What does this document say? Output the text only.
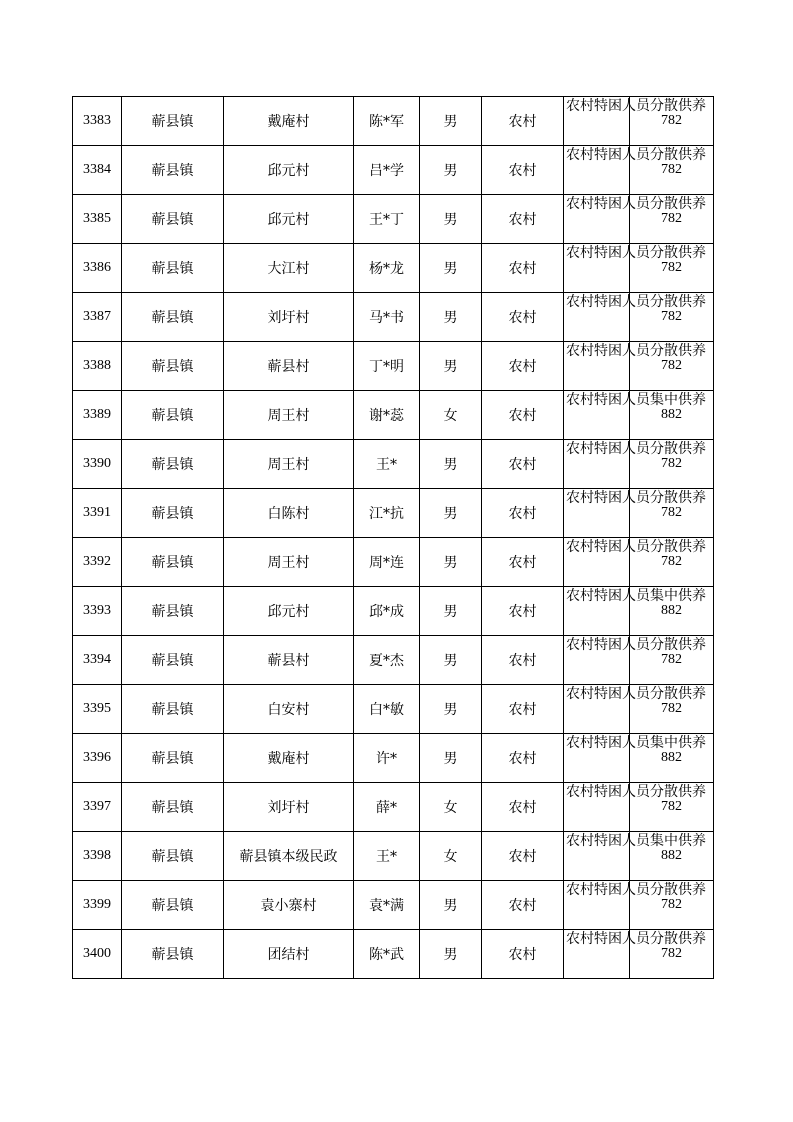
3383	蕲县镇	戴庵村	陈*军	男	农村	农村特困人员分散供养	782
3384	蕲县镇	邱元村	吕*学	男	农村	农村特困人员分散供养	782
3385	蕲县镇	邱元村	王*丁	男	农村	农村特困人员分散供养	782
3386	蕲县镇	大江村	杨*龙	男	农村	农村特困人员分散供养	782
3387	蕲县镇	刘圩村	马*书	男	农村	农村特困人员分散供养	782
3388	蕲县镇	蕲县村	丁*明	男	农村	农村特困人员分散供养	782
3389	蕲县镇	周王村	谢*蕊	女	农村	农村特困人员集中供养	882
3390	蕲县镇	周王村	王*	男	农村	农村特困人员分散供养	782
3391	蕲县镇	白陈村	江*抗	男	农村	农村特困人员分散供养	782
3392	蕲县镇	周王村	周*连	男	农村	农村特困人员分散供养	782
3393	蕲县镇	邱元村	邱*成	男	农村	农村特困人员集中供养	882
3394	蕲县镇	蕲县村	夏*杰	男	农村	农村特困人员分散供养	782
3395	蕲县镇	白安村	白*敏	男	农村	农村特困人员分散供养	782
3396	蕲县镇	戴庵村	许*	男	农村	农村特困人员集中供养	882
3397	蕲县镇	刘圩村	薛*	女	农村	农村特困人员分散供养	782
3398	蕲县镇	蕲县镇本级民政	王*	女	农村	农村特困人员集中供养	882
3399	蕲县镇	袁小寨村	袁*满	男	农村	农村特困人员分散供养	782
3400	蕲县镇	团结村	陈*武	男	农村	农村特困人员分散供养	782
